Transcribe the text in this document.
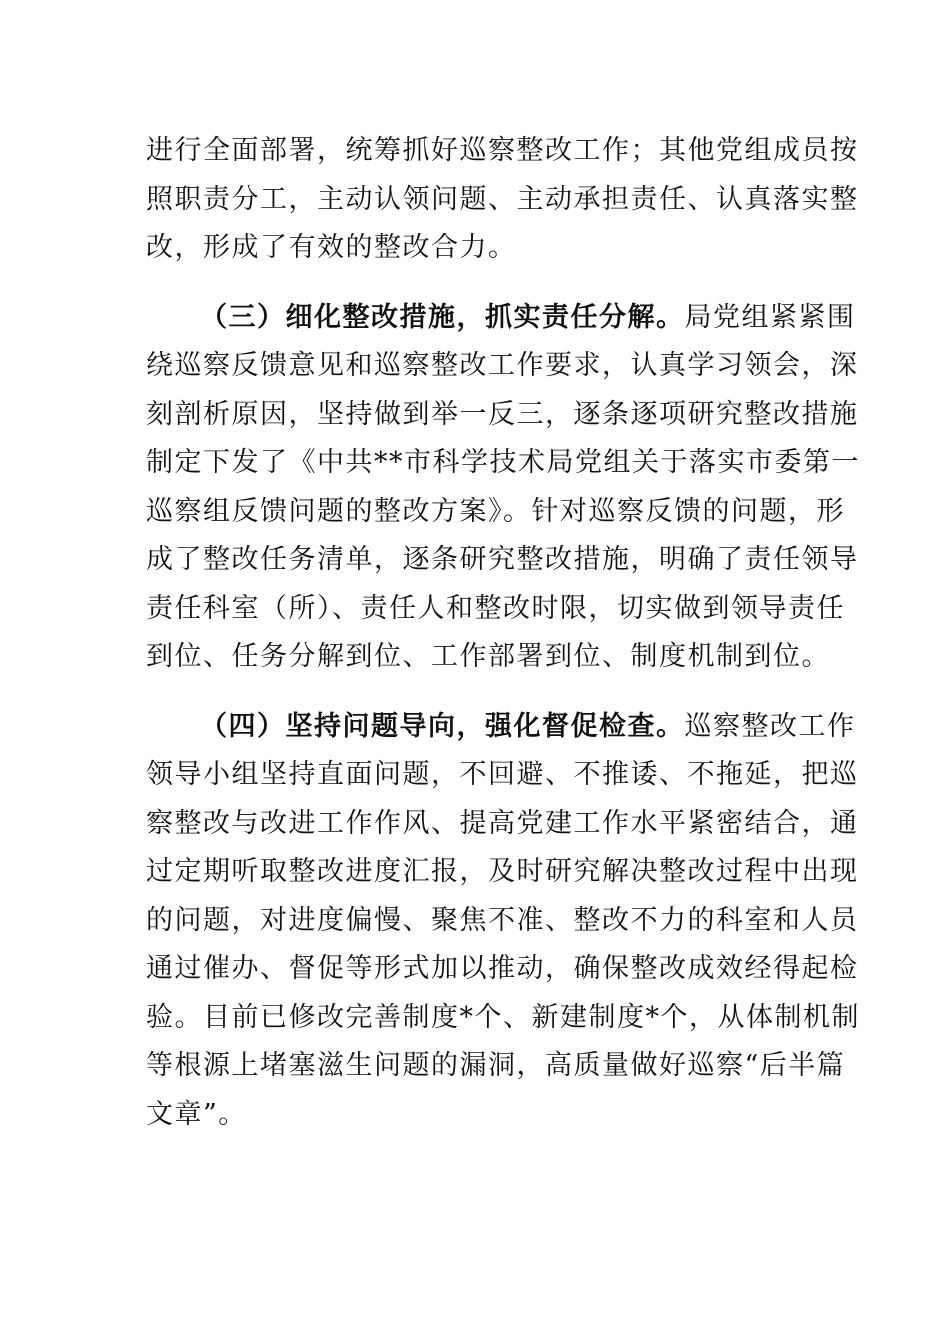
进行全面部署，统筹抓好巡察整改工作；其他党组成员按
照职责分工，主动认领问题、主动承担责任、认真落实整
改，形成了有效的整改合力。
（三）细化整改措施，抓实责任分解。局党组紧紧围
绕巡察反馈意见和巡察整改工作要求，认真学习领会，深
刻剖析原因，坚持做到举一反三，逐条逐项研究整改措施
制定下发了《中共**市科学技术局党组关于落实市委第一
巡察组反馈问题的整改方案》。针对巡察反馈的问题，形
成了整改任务清单，逐条研究整改措施，明确了责任领导
责任科室（所）、责任人和整改时限，切实做到领导责任
到位、任务分解到位、工作部署到位、制度机制到位。
（四）坚持问题导向，强化督促检查。巡察整改工作
领导小组坚持直面问题，不回避、不推诿、不拖延，把巡
察整改与改进工作作风、提高党建工作水平紧密结合，通
过定期听取整改进度汇报，及时研究解决整改过程中出现
的问题，对进度偏慢、聚焦不准、整改不力的科室和人员
通过催办、督促等形式加以推动，确保整改成效经得起检
验。目前已修改完善制度*个、新建制度*个，从体制机制
等根源上堵塞滋生问题的漏洞，高质量做好巡察“后半篇
文章”。
